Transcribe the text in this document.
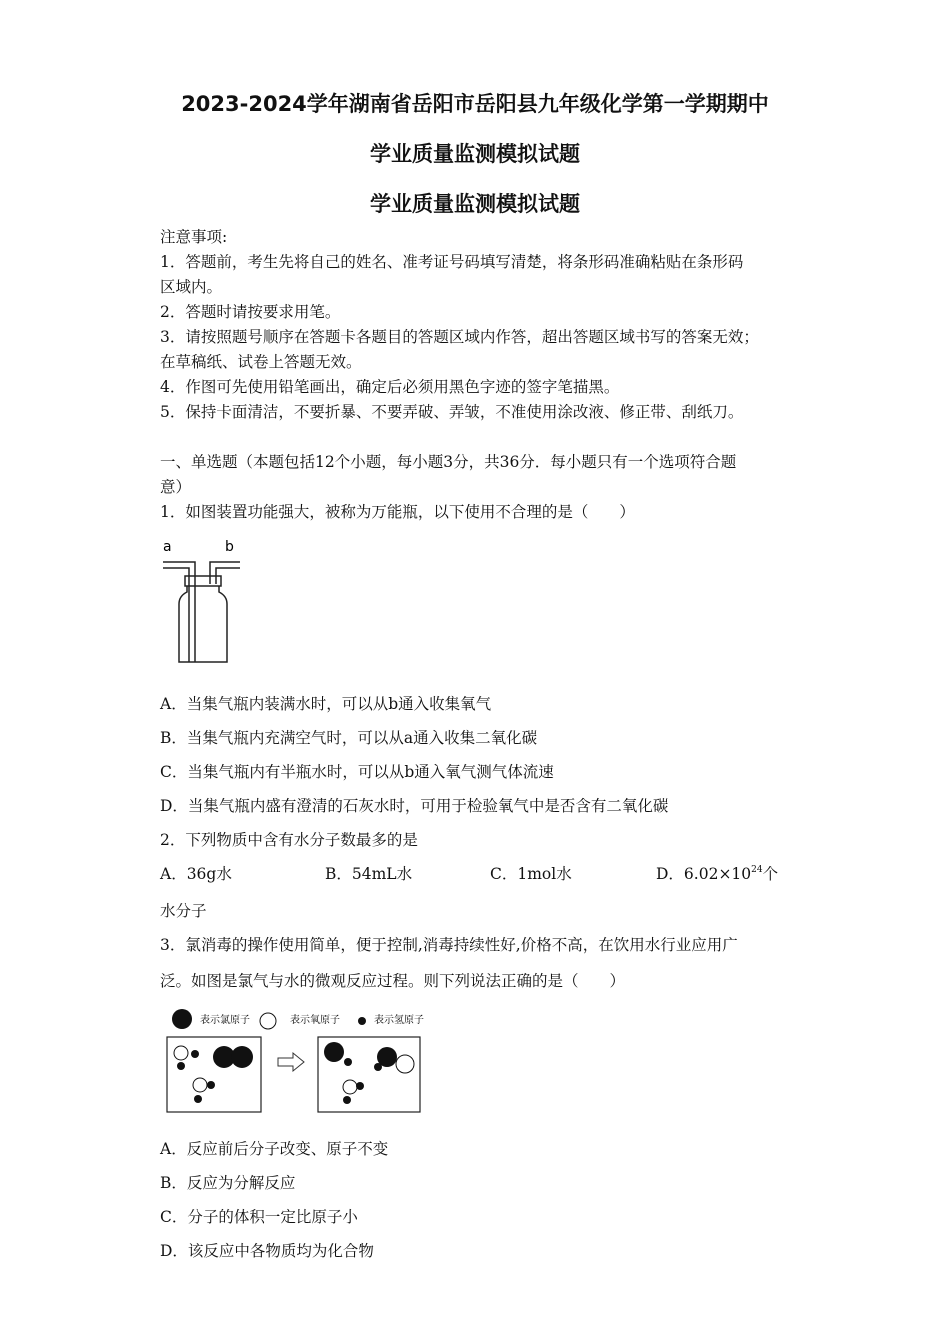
2023-2024学年湖南省岳阳市岳阳县九年级化学第一学期期中
学业质量监测模拟试题
学业质量监测模拟试题
注意事项:
1．答题前，考生先将自己的姓名、准考证号码填写清楚，将条形码准确粘贴在条形码
区域内。
2．答题时请按要求用笔。
3．请按照题号顺序在答题卡各题目的答题区域内作答，超出答题区域书写的答案无效；
在草稿纸、试卷上答题无效。
4．作图可先使用铅笔画出，确定后必须用黑色字迹的签字笔描黑。
5．保持卡面清洁，不要折暴、不要弄破、弄皱，不准使用涂改液、修正带、刮纸刀。
一、单选题（本题包括12个小题，每小题3分，共36分．每小题只有一个选项符合题
意）
1．如图装置功能强大，被称为万能瓶，以下使用不合理的是（　　）
a	b
A．当集气瓶内装满水时，可以从b通入收集氧气
B．当集气瓶内充满空气时，可以从a通入收集二氧化碳
C．当集气瓶内有半瓶水时，可以从b通入氧气测气体流速
D．当集气瓶内盛有澄清的石灰水时，可用于检验氧气中是否含有二氧化碳
2．下列物质中含有水分子数最多的是
A．36g水	B．54mL水	C．1mol水	D．$6.02\times 10^{24}$个
水分子
3．氯消毒的操作使用简单，便于控制,消毒持续性好,价格不高，在饮用水行业应用广
泛。如图是氯气与水的微观反应过程。则下列说法正确的是（　　）
表示氯原子	表示氧原子	表示氢原子
A．反应前后分子改变、原子不变
B．反应为分解反应
C．分子的体积一定比原子小
D．该反应中各物质均为化合物
